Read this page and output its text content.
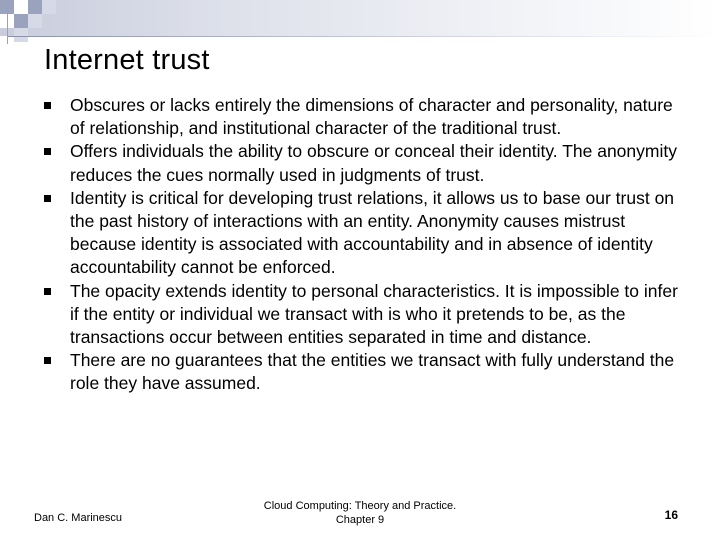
Internet trust
Obscures or lacks entirely the dimensions of character and personality, nature of relationship, and institutional character of the traditional trust.
Offers individuals the ability to obscure or conceal their identity. The anonymity reduces the cues normally used in judgments of trust.
Identity is critical for developing trust relations, it allows us to base our trust on the past history of interactions with an entity. Anonymity causes mistrust because identity is associated with accountability and in absence of identity accountability cannot be enforced.
The opacity extends identity to personal characteristics. It is impossible to infer if the entity or individual we transact with is who it pretends to be, as the transactions occur between entities separated in time and distance.
There are no guarantees that the entities we transact with fully understand the role they have assumed.
Dan C. Marinescu
Cloud Computing: Theory and Practice.
Chapter 9	16
